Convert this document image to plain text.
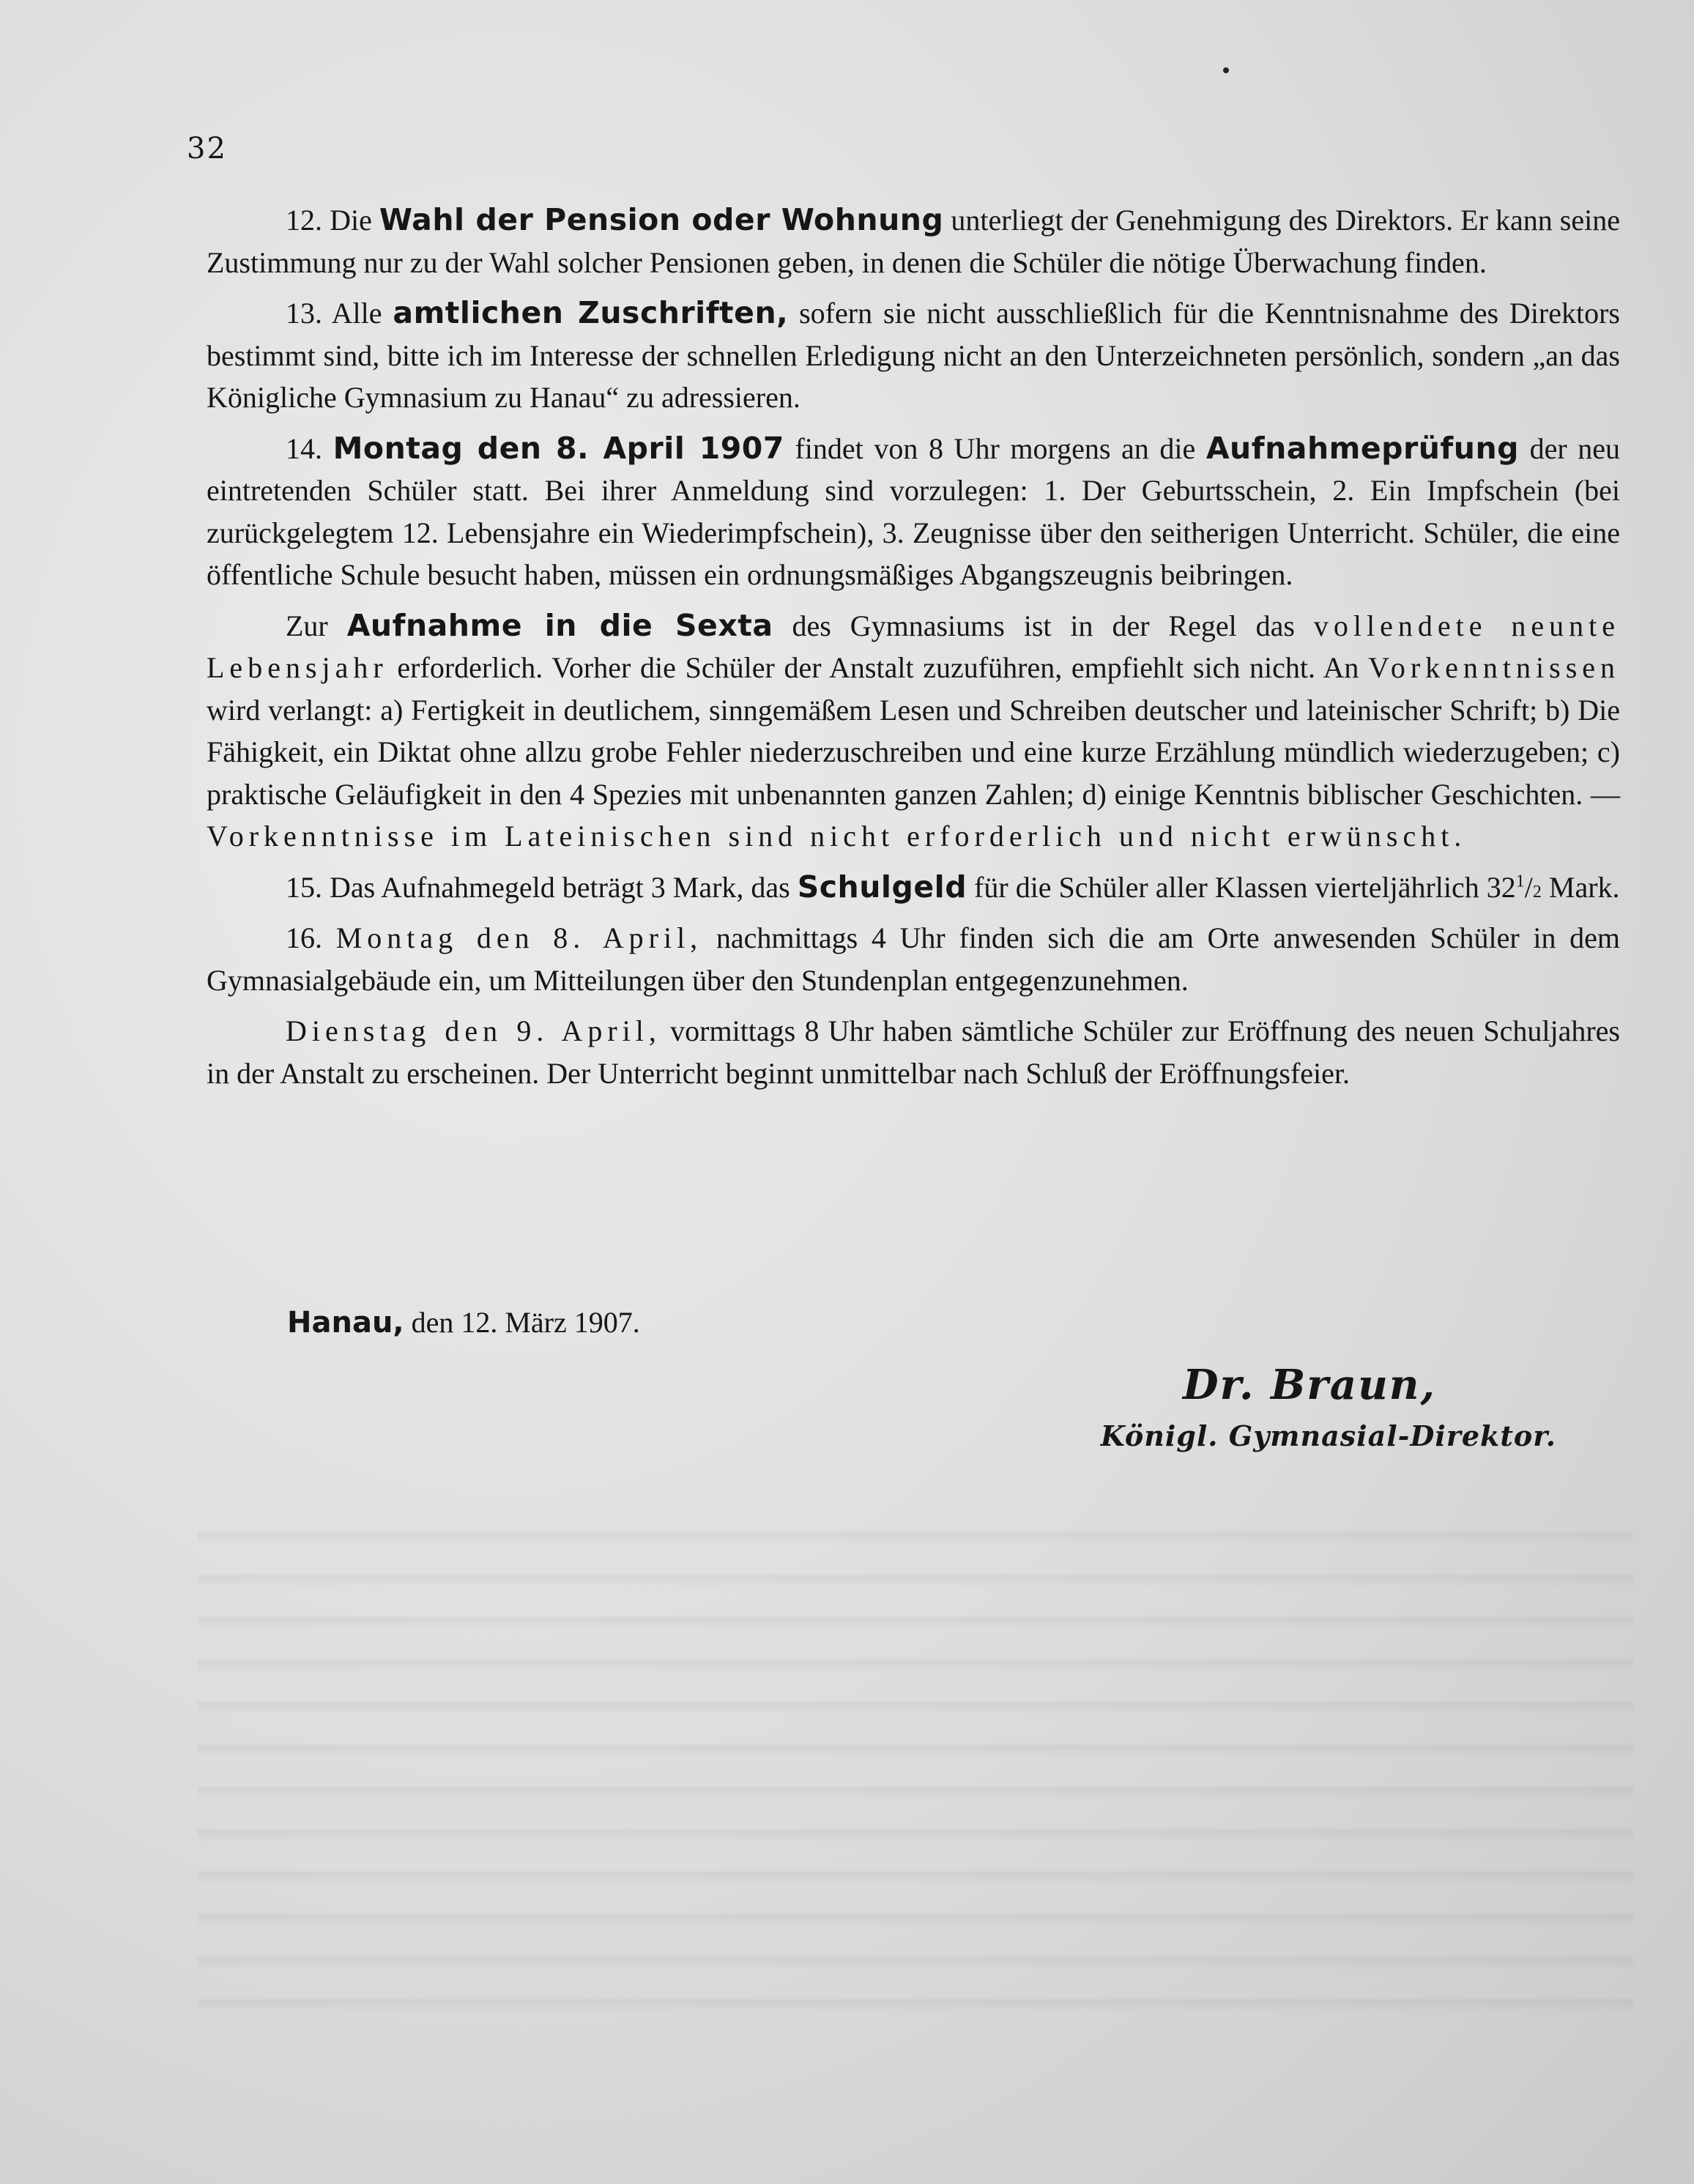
32

12. Die Wahl der Pension oder Wohnung unterliegt der Genehmigung des Direktors. Er kann seine Zustimmung nur zu der Wahl solcher Pensionen geben, in denen die Schüler die nötige Überwachung finden.

13. Alle amtlichen Zuschriften, sofern sie nicht ausschließlich für die Kenntnisnahme des Direktors bestimmt sind, bitte ich im Interesse der schnellen Erledigung nicht an den Unterzeichneten persönlich, sondern „an das Königliche Gymnasium zu Hanau“ zu adressieren.

14. Montag den 8. April 1907 findet von 8 Uhr morgens an die Aufnahmeprüfung der neu eintretenden Schüler statt. Bei ihrer Anmeldung sind vorzulegen: 1. Der Geburtsschein, 2. Ein Impfschein (bei zurückgelegtem 12. Lebensjahre ein Wiederimpfschein), 3. Zeugnisse über den seitherigen Unterricht. Schüler, die eine öffentliche Schule besucht haben, müssen ein ordnungsmäßiges Abgangszeugnis beibringen.

Zur Aufnahme in die Sexta des Gymnasiums ist in der Regel das vollendete neunte Lebensjahr erforderlich. Vorher die Schüler der Anstalt zuzuführen, empfiehlt sich nicht. An Vorkenntnissen wird verlangt: a) Fertigkeit in deutlichem, sinngemäßem Lesen und Schreiben deutscher und lateinischer Schrift; b) Die Fähigkeit, ein Diktat ohne allzu grobe Fehler niederzuschreiben und eine kurze Erzählung mündlich wiederzugeben; c) praktische Geläufigkeit in den 4 Spezies mit unbenannten ganzen Zahlen; d) einige Kenntnis biblischer Geschichten. — Vorkenntnisse im Lateinischen sind nicht erforderlich und nicht erwünscht.

15. Das Aufnahmegeld beträgt 3 Mark, das Schulgeld für die Schüler aller Klassen vierteljährlich $32^1/2$ Mark.

16. Montag den 8. April, nachmittags 4 Uhr finden sich die am Orte anwesenden Schüler in dem Gymnasialgebäude ein, um Mitteilungen über den Stundenplan entgegenzunehmen.

Dienstag den 9. April, vormittags 8 Uhr haben sämtliche Schüler zur Eröffnung des neuen Schuljahres in der Anstalt zu erscheinen. Der Unterricht beginnt unmittelbar nach Schluß der Eröffnungsfeier.

Hanau, den 12. März 1907.
Dr. Braun,
Königl. Gymnasial-Direktor.
